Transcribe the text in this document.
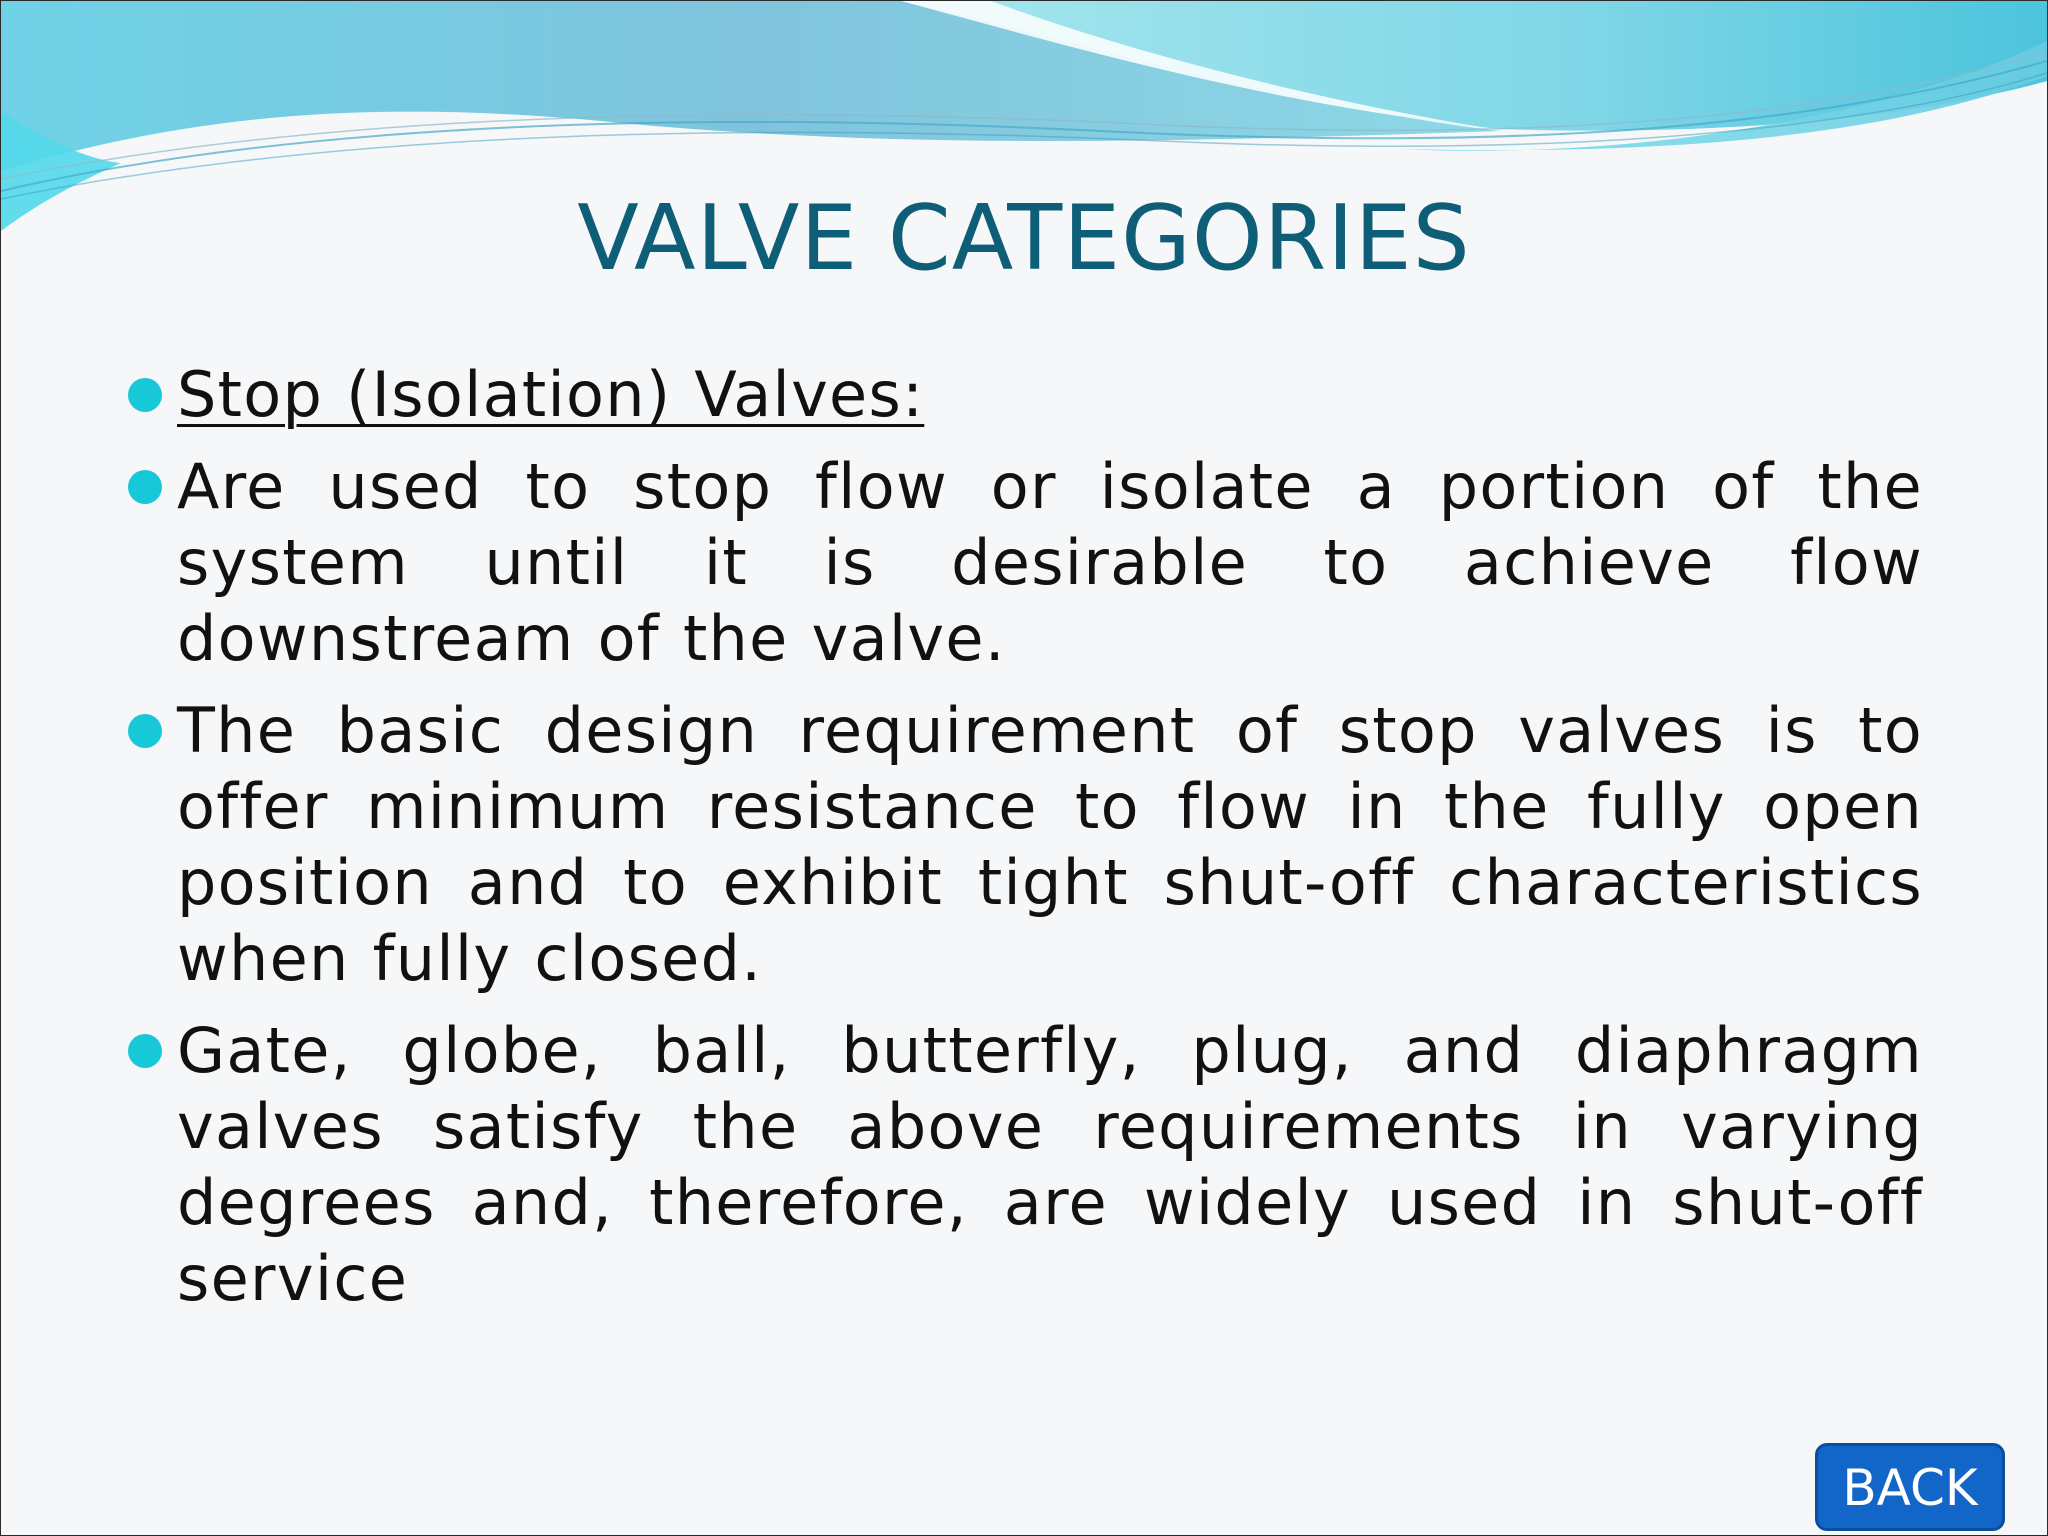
VALVE CATEGORIES
Stop (Isolation) Valves:
Are used to stop flow or isolate a portion of the system until it is desirable to achieve flow downstream of the valve.
The basic design requirement of stop valves is to offer minimum resistance to flow in the fully open position and to exhibit tight shut-off characteristics when fully closed.
Gate, globe, ball, butterfly, plug, and diaphragm valves satisfy the above requirements in varying degrees and, therefore, are widely used in shut-off service
BACK
